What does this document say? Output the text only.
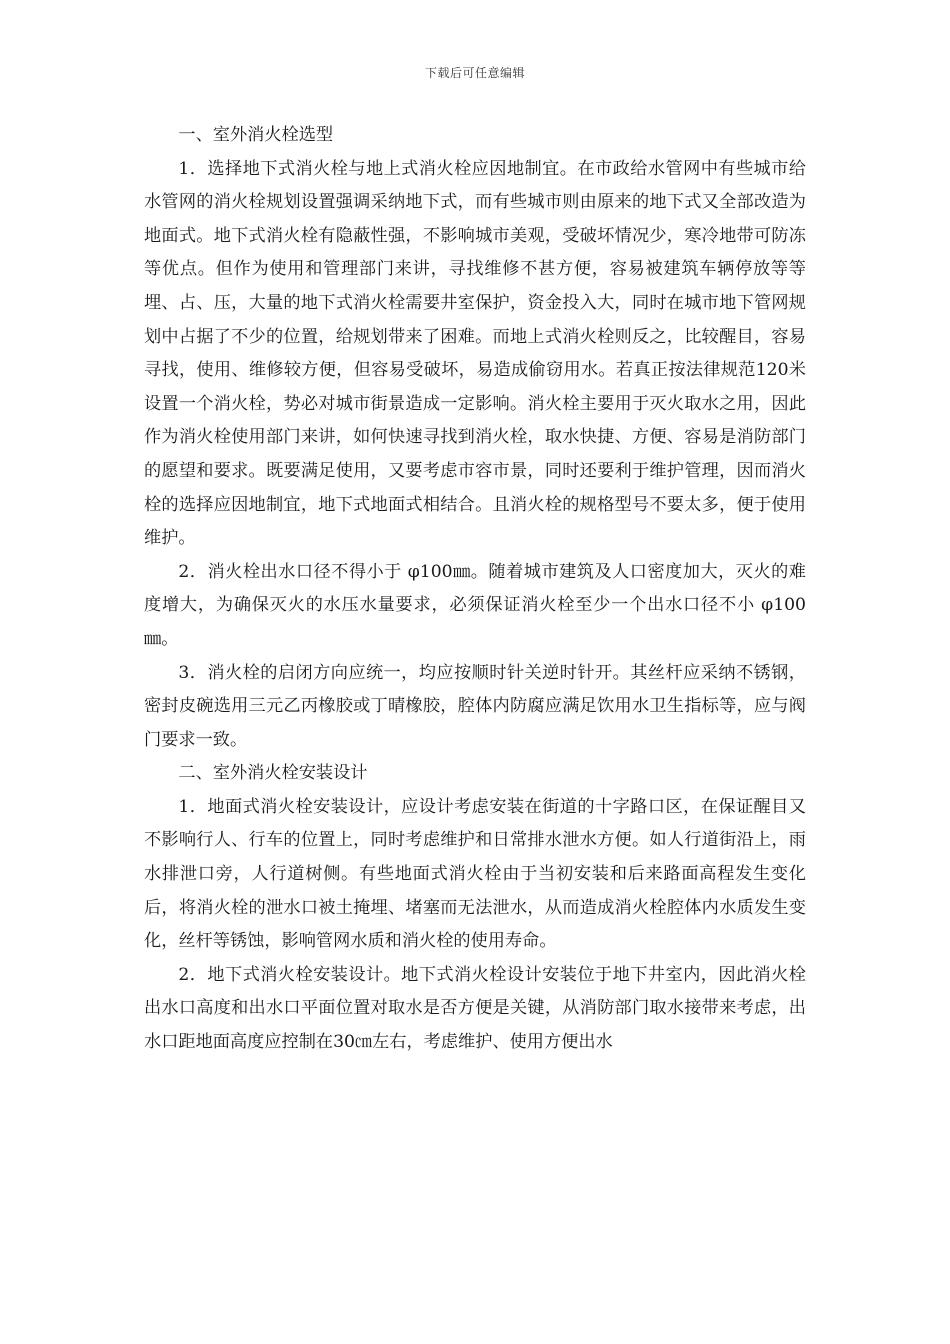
下载后可任意编辑

一、室外消火栓选型

1．选择地下式消火栓与地上式消火栓应因地制宜。在市政给水管网中有些城市给水管网的消火栓规划设置强调采纳地下式，而有些城市则由原来的地下式又全部改造为地面式。地下式消火栓有隐蔽性强，不影响城市美观，受破坏情况少，寒冷地带可防冻等优点。但作为使用和管理部门来讲，寻找维修不甚方便，容易被建筑车辆停放等等埋、占、压，大量的地下式消火栓需要井室保护，资金投入大，同时在城市地下管网规划中占据了不少的位置，给规划带来了困难。而地上式消火栓则反之，比较醒目，容易寻找，使用、维修较方便，但容易受破坏，易造成偷窃用水。若真正按法律规范120米设置一个消火栓，势必对城市街景造成一定影响。消火栓主要用于灭火取水之用，因此作为消火栓使用部门来讲，如何快速寻找到消火栓，取水快捷、方便、容易是消防部门的愿望和要求。既要满足使用，又要考虑市容市景，同时还要利于维护管理，因而消火栓的选择应因地制宜，地下式地面式相结合。且消火栓的规格型号不要太多，便于使用维护。

2．消火栓出水口径不得小于 φ100㎜。随着城市建筑及人口密度加大，灭火的难度增大，为确保灭火的水压水量要求，必须保证消火栓至少一个出水口径不小 φ100 ㎜。

3．消火栓的启闭方向应统一，均应按顺时针关逆时针开。其丝杆应采纳不锈钢，密封皮碗选用三元乙丙橡胶或丁晴橡胶，腔体内防腐应满足饮用水卫生指标等，应与阀门要求一致。

二、室外消火栓安装设计

1．地面式消火栓安装设计，应设计考虑安装在街道的十字路口区，在保证醒目又不影响行人、行车的位置上，同时考虑维护和日常排水泄水方便。如人行道街沿上，雨水排泄口旁，人行道树侧。有些地面式消火栓由于当初安装和后来路面高程发生变化后，将消火栓的泄水口被土掩埋、堵塞而无法泄水，从而造成消火栓腔体内水质发生变化，丝杆等锈蚀，影响管网水质和消火栓的使用寿命。

2．地下式消火栓安装设计。地下式消火栓设计安装位于地下井室内，因此消火栓出水口高度和出水口平面位置对取水是否方便是关键，从消防部门取水接带来考虑，出水口距地面高度应控制在30㎝左右，考虑维护、使用方便出水
